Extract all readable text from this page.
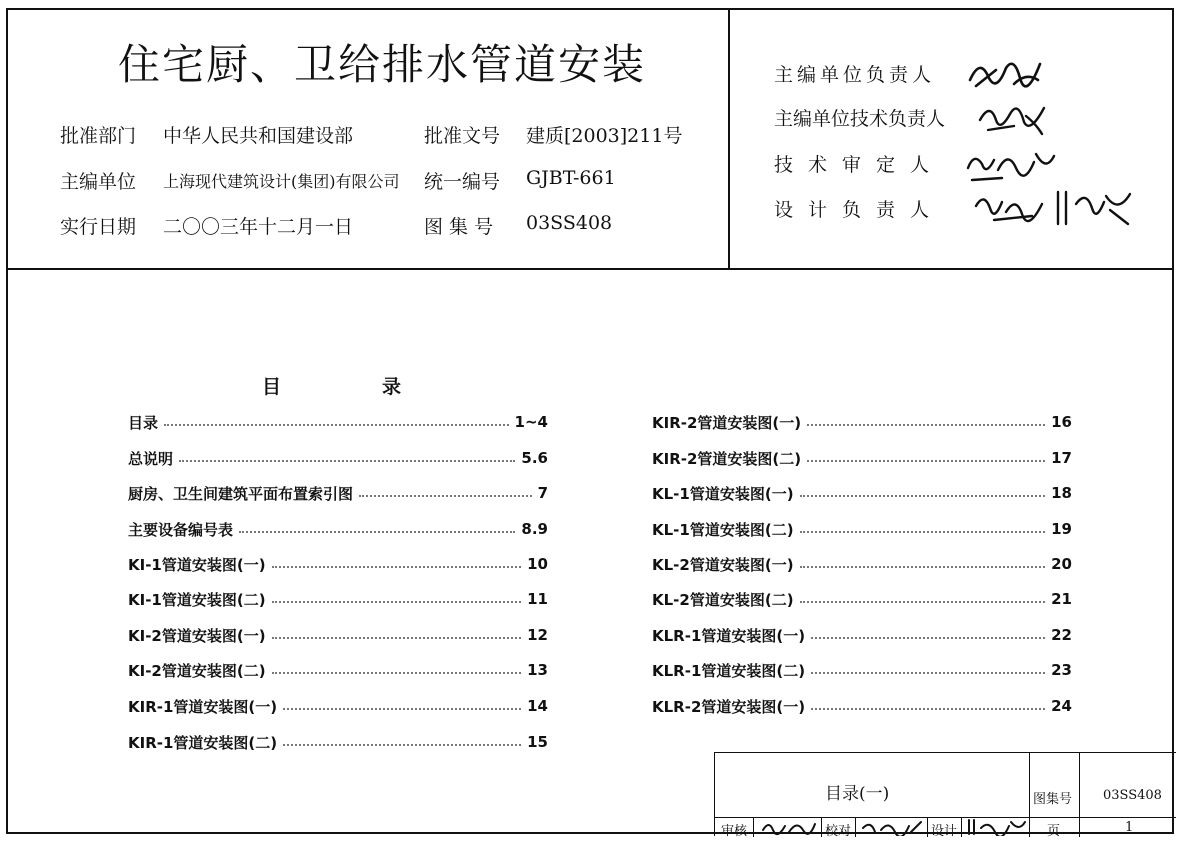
住宅厨、卫给排水管道安装
批准部门 中华人民共和国建设部	批准文号 建质[2003]211号
主编单位 上海现代建筑设计(集团)有限公司 统一编号 GJBT-661
实行日期 二〇〇三年十二月一日	图 集 号 03SS408
主编单位负责人
主编单位技术负责人
技术审定人
设计负责人
目	录
目录	1~4
总说明	5.6
厨房、卫生间建筑平面布置索引图	7
主要设备编号表	8.9
KI-1管道安装图(一)	10
KI-1管道安装图(二)	11
KI-2管道安装图(一)	12
KI-2管道安装图(二)	13
KIR-1管道安装图(一)	14
KIR-1管道安装图(二)	15
KIR-2管道安装图(一)	16
KIR-2管道安装图(二)	17
KL-1管道安装图(一)	18
KL-1管道安装图(二)	19
KL-2管道安装图(一)	20
KL-2管道安装图(二)	21
KLR-1管道安装图(一)	22
KLR-1管道安装图(二)	23
KLR-2管道安装图(一)	24
目录(一)	图集号 03SS408
审核	校对	设计	页	1
